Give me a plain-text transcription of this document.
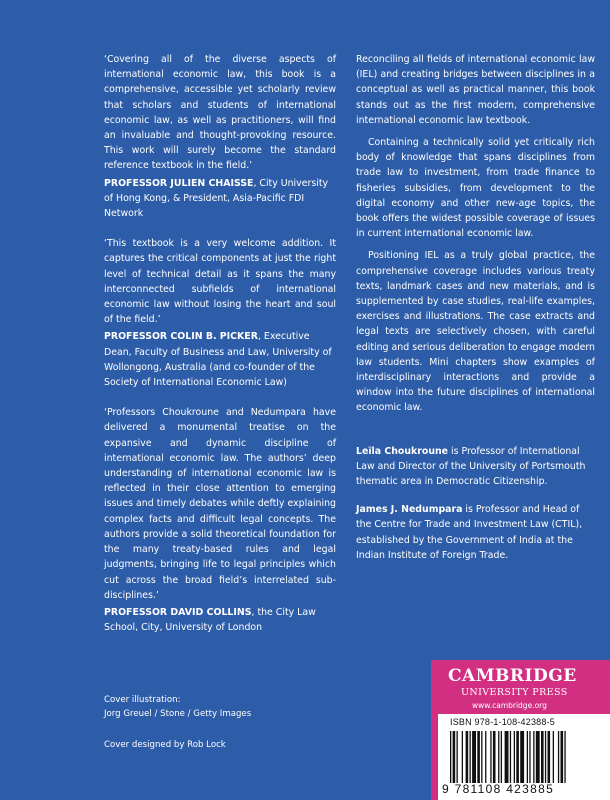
‘Covering all of the diverse aspects of international economic law, this book is a comprehensive, accessible yet scholarly review that scholars and students of international economic law, as well as practitioners, will find an invaluable and thought-provoking resource. This work will surely become the standard reference textbook in the field.’

PROFESSOR JULIEN CHAISSE, City University of Hong Kong, & President, Asia-Pacific FDI Network

‘This textbook is a very welcome addition. It captures the critical components at just the right level of technical detail as it spans the many interconnected subfields of international economic law without losing the heart and soul of the field.’

PROFESSOR COLIN B. PICKER, Executive Dean, Faculty of Business and Law, University of Wollongong, Australia (and co-founder of the Society of International Economic Law)

‘Professors Choukroune and Nedumpara have delivered a monumental treatise on the expansive and dynamic discipline of international economic law. The authors’ deep understanding of international economic law is reflected in their close attention to emerging issues and timely debates while deftly explaining complex facts and difficult legal concepts. The authors provide a solid theoretical foundation for the many treaty-based rules and legal judgments, bringing life to legal principles which cut across the broad field’s interrelated sub-disciplines.’

PROFESSOR DAVID COLLINS, the City Law School, City, University of London

Reconciling all fields of international economic law (IEL) and creating bridges between disciplines in a conceptual as well as practical manner, this book stands out as the first modern, comprehensive international economic law textbook.

Containing a technically solid yet critically rich body of knowledge that spans disciplines from trade law to investment, from trade finance to fisheries subsidies, from development to the digital economy and other new-age topics, the book offers the widest possible coverage of issues in current international economic law.

Positioning IEL as a truly global practice, the comprehensive coverage includes various treaty texts, landmark cases and new materials, and is supplemented by case studies, real-life examples, exercises and illustrations. The case extracts and legal texts are selectively chosen, with careful editing and serious deliberation to engage modern law students. Mini chapters show examples of interdisciplinary interactions and provide a window into the future disciplines of international economic law.

Leïla Choukroune is Professor of International Law and Director of the University of Portsmouth thematic area in Democratic Citizenship.

James J. Nedumpara is Professor and Head of the Centre for Trade and Investment Law (CTIL), established by the Government of India at the Indian Institute of Foreign Trade.

Cover illustration:

Jorg Greuel / Stone / Getty Images

Cover designed by Rob Lock

CAMBRIDGE
UNIVERSITY PRESS
www.cambridge.org
ISBN 978-1-108-42388-5
9 781108 423885
